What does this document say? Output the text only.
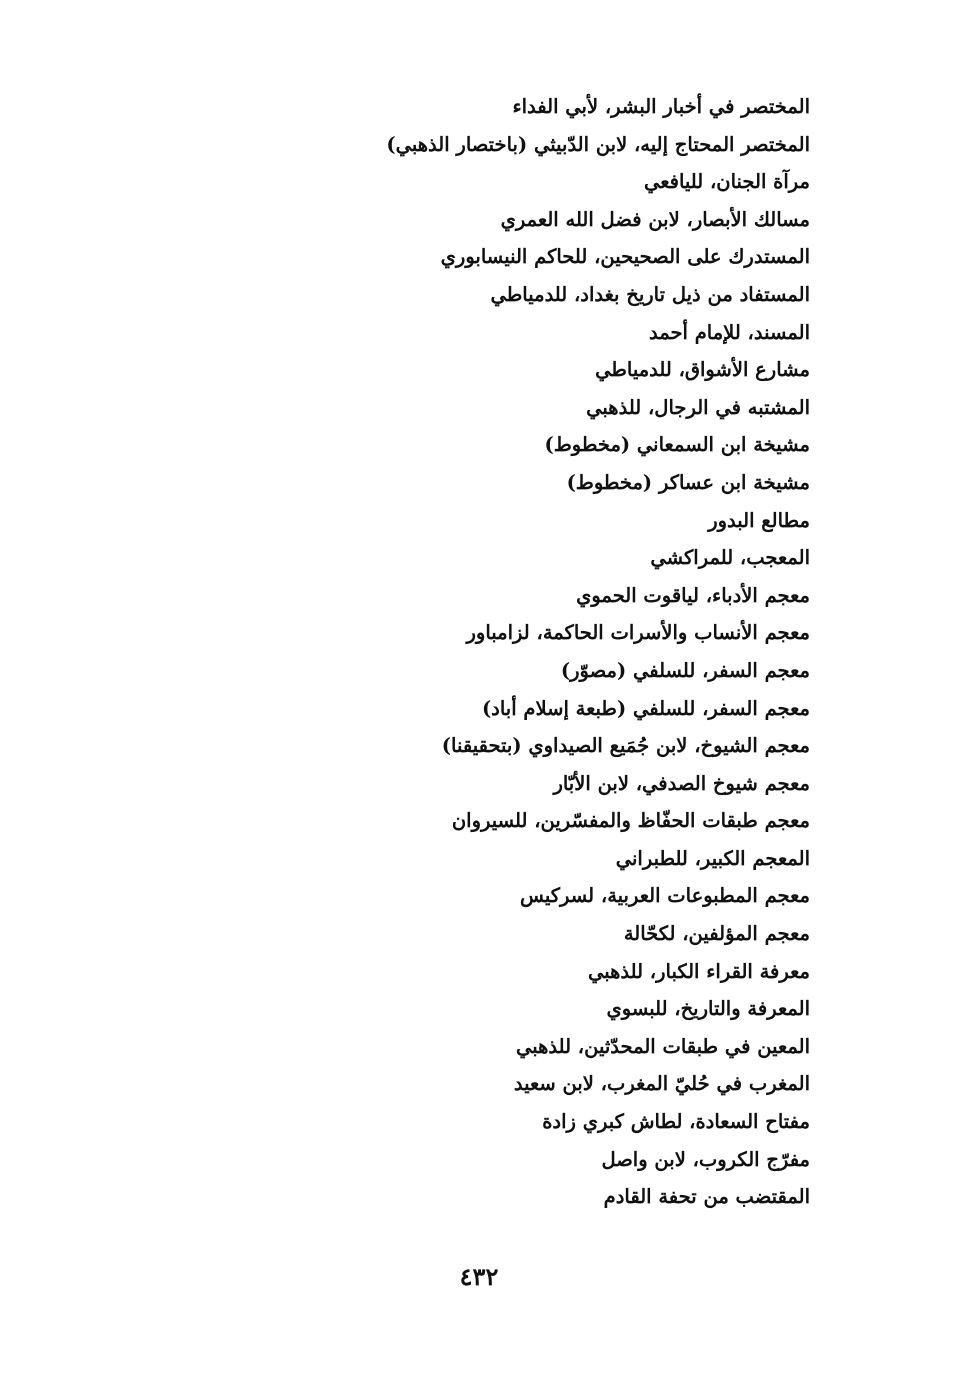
المختصر في أخبار البشر، لأبي الفداء
المختصر المحتاج إليه، لابن الدّبيثي (باختصار الذهبي)
مرآة الجنان، لليافعي
مسالك الأبصار، لابن فضل الله العمري
المستدرك على الصحيحين، للحاكم النيسابوري
المستفاد من ذيل تاريخ بغداد، للدمياطي
المسند، للإمام أحمد
مشارع الأشواق، للدمياطي
المشتبه في الرجال، للذهبي
مشيخة ابن السمعاني (مخطوط)
مشيخة ابن عساكر (مخطوط)
مطالع البدور
المعجب، للمراكشي
معجم الأدباء، لياقوت الحموي
معجم الأنساب والأسرات الحاكمة، لزامباور
معجم السفر، للسلفي (مصوّر)
معجم السفر، للسلفي (طبعة إسلام أباد)
معجم الشيوخ، لابن جُمَيع الصيداوي (بتحقيقنا)
معجم شيوخ الصدفي، لابن الأبّار
معجم طبقات الحفّاظ والمفسّرين، للسيروان
المعجم الكبير، للطبراني
معجم المطبوعات العربية، لسركيس
معجم المؤلفين، لكحّالة
معرفة القراء الكبار، للذهبي
المعرفة والتاريخ، للبسوي
المعين في طبقات المحدّثين، للذهبي
المغرب في حُليّ المغرب، لابن سعيد
مفتاح السعادة، لطاش كبري زادة
مفرّج الكروب، لابن واصل
المقتضب من تحفة القادم
٤٣٢
